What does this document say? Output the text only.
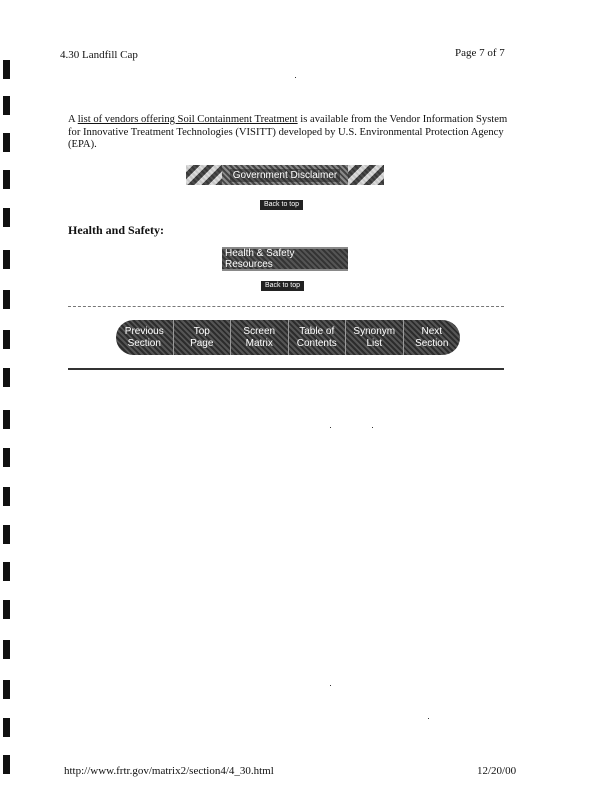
4.30 Landfill Cap	Page 7 of 7
A list of vendors offering Soil Containment Treatment is available from the Vendor Information System for Innovative Treatment Technologies (VISITT) developed by U.S. Environmental Protection Agency (EPA).
Government Disclaimer
Back to top
Health and Safety:
Health & Safety Resources
Back to top
Previous
Section
Top
Page
Screen
Matrix
Table of
Contents
Synonym
List
Next
Section
http://www.frtr.gov/matrix2/section4/4_30.html	12/20/00
